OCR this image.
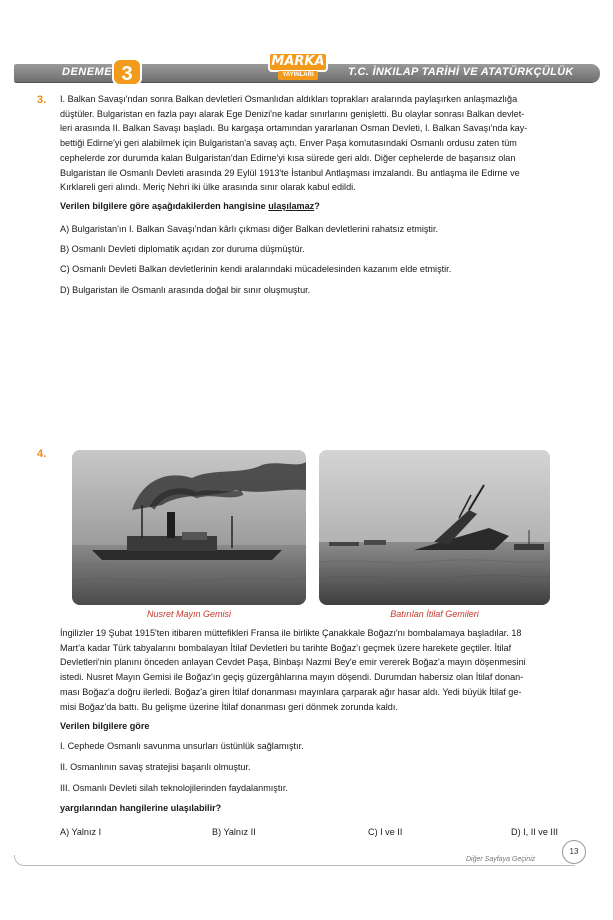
DENEME 3
MARKA
YAYINLARI	T.C. İNKILAP TARİHİ VE ATATÜRKÇÜLÜK
3. I. Balkan Savaşı'ndan sonra Balkan devletleri Osmanlıdan aldıkları toprakları aralarında paylaşırken anlaşmazlığa
düştüler. Bulgaristan en fazla payı alarak Ege Denizi'ne kadar sınırlarını genişletti. Bu olaylar sonrası Balkan devlet-
leri arasında II. Balkan Savaşı başladı. Bu kargaşa ortamından yararlanan Osman Devleti, I. Balkan Savaşı'nda kay-
bettiği Edirne'yi geri alabilmek için Bulgaristan'a savaş açtı. Enver Paşa komutasındaki Osmanlı ordusu zaten tüm
cephelerde zor durumda kalan Bulgaristan'dan Edirne'yi kısa sürede geri aldı. Diğer cephelerde de başarısız olan
Bulgaristan ile Osmanlı Devleti arasında 29 Eylül 1913'te İstanbul Antlaşması imzalandı. Bu antlaşma ile Edirne ve
Kırklareli geri alındı. Meriç Nehri iki ülke arasında sınır olarak kabul edildi.
Verilen bilgilere göre aşağıdakilerden hangisine ulaşılamaz?
A) Bulgaristan'ın I. Balkan Savaşı'ndan kârlı çıkması diğer Balkan devletlerini rahatsız etmiştir.
B) Osmanlı Devleti diplomatik açıdan zor duruma düşmüştür.
C) Osmanlı Devleti Balkan devletlerinin kendi aralarındaki mücadelesinden kazanım elde etmiştir.
D) Bulgaristan ile Osmanlı arasında doğal bir sınır oluşmuştur.
4.
Nusret Mayın Gemisi	Batırılan İtilaf Gemileri
İngilizler 19 Şubat 1915'ten itibaren müttefikleri Fransa ile birlikte Çanakkale Boğazı'nı bombalamaya başladılar. 18
Mart'a kadar Türk tabyalarını bombalayan İtilaf Devletleri bu tarihte Boğaz'ı geçmek üzere harekete geçtiler. İtilaf
Devletleri'nin planını önceden anlayan Cevdet Paşa, Binbaşı Nazmi Bey'e emir vererek Boğaz'a mayın döşenmesini
istedi. Nusret Mayın Gemisi ile Boğaz'ın geçiş güzergâhlarına mayın döşendi. Durumdan habersiz olan İtilaf donan-
ması Boğaz'a doğru ilerledi. Boğaz'a giren İtilaf donanması mayınlara çarparak ağır hasar aldı. Yedi büyük İtilaf ge-
misi Boğaz'da battı. Bu gelişme üzerine İtilaf donanması geri dönmek zorunda kaldı.
Verilen bilgilere göre
I. Cephede Osmanlı savunma unsurları üstünlük sağlamıştır.
II. Osmanlının savaş stratejisi başarılı olmuştur.
III. Osmanlı Devleti silah teknolojilerinden faydalanmıştır.
yargılarından hangilerine ulaşılabilir?
A) Yalnız I	B) Yalnız II	C) I ve II	D) I, II ve III
Diğer Sayfaya Geçiniz
13
